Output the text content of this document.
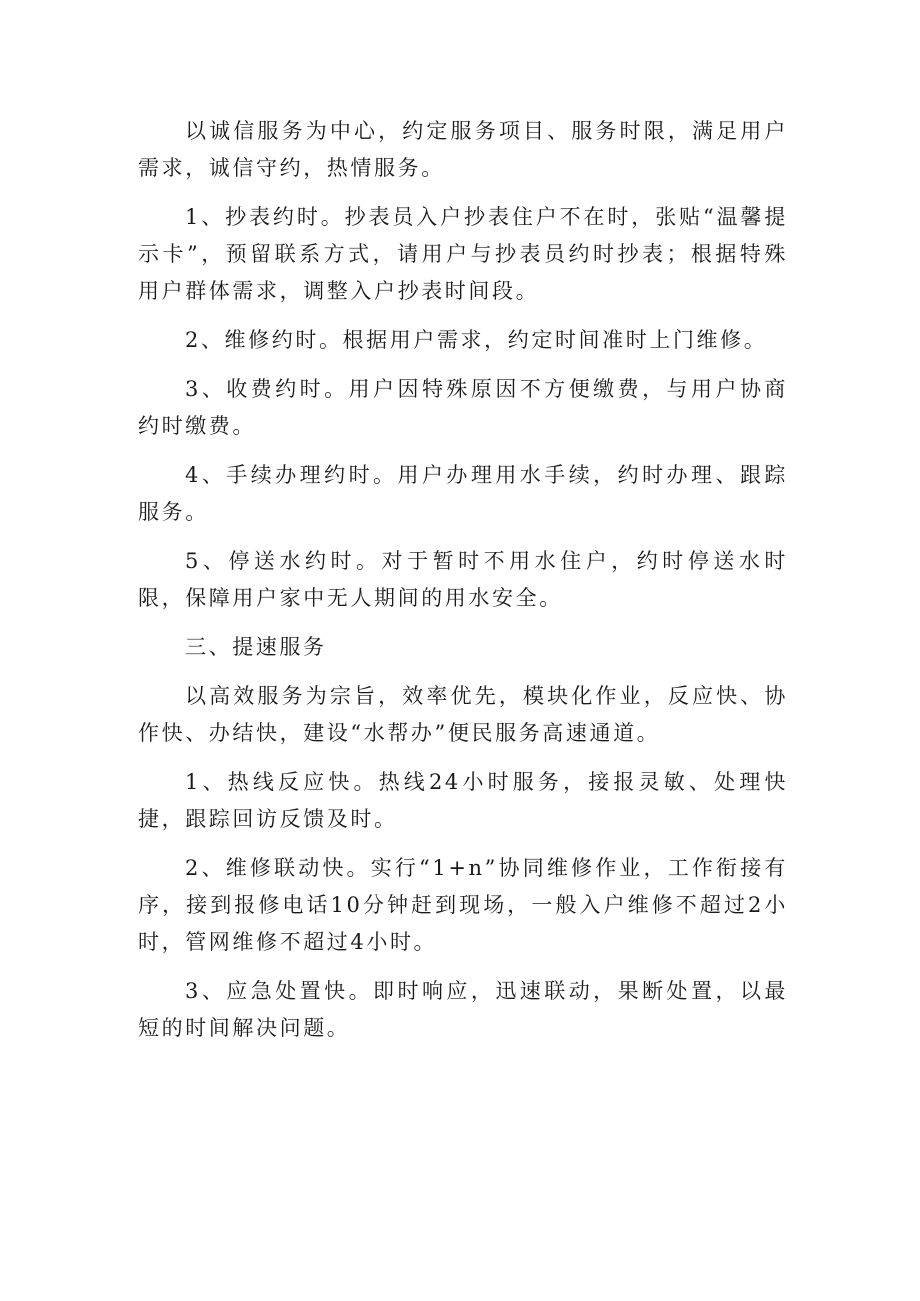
以诚信服务为中心，约定服务项目、服务时限，满足用户需求，诚信守约，热情服务。

1、抄表约时。抄表员入户抄表住户不在时，张贴“温馨提示卡”，预留联系方式，请用户与抄表员约时抄表；根据特殊用户群体需求，调整入户抄表时间段。

2、维修约时。根据用户需求，约定时间准时上门维修。

3、收费约时。用户因特殊原因不方便缴费，与用户协商约时缴费。

4、手续办理约时。用户办理用水手续，约时办理、跟踪服务。

5、停送水约时。对于暂时不用水住户，约时停送水时限，保障用户家中无人期间的用水安全。

三、提速服务

以高效服务为宗旨，效率优先，模块化作业，反应快、协作快、办结快，建设“水帮办”便民服务高速通道。

1、热线反应快。热线24小时服务，接报灵敏、处理快捷，跟踪回访反馈及时。

2、维修联动快。实行“1+n”协同维修作业，工作衔接有序，接到报修电话10分钟赶到现场，一般入户维修不超过2小时，管网维修不超过4小时。

3、应急处置快。即时响应，迅速联动，果断处置，以最短的时间解决问题。
